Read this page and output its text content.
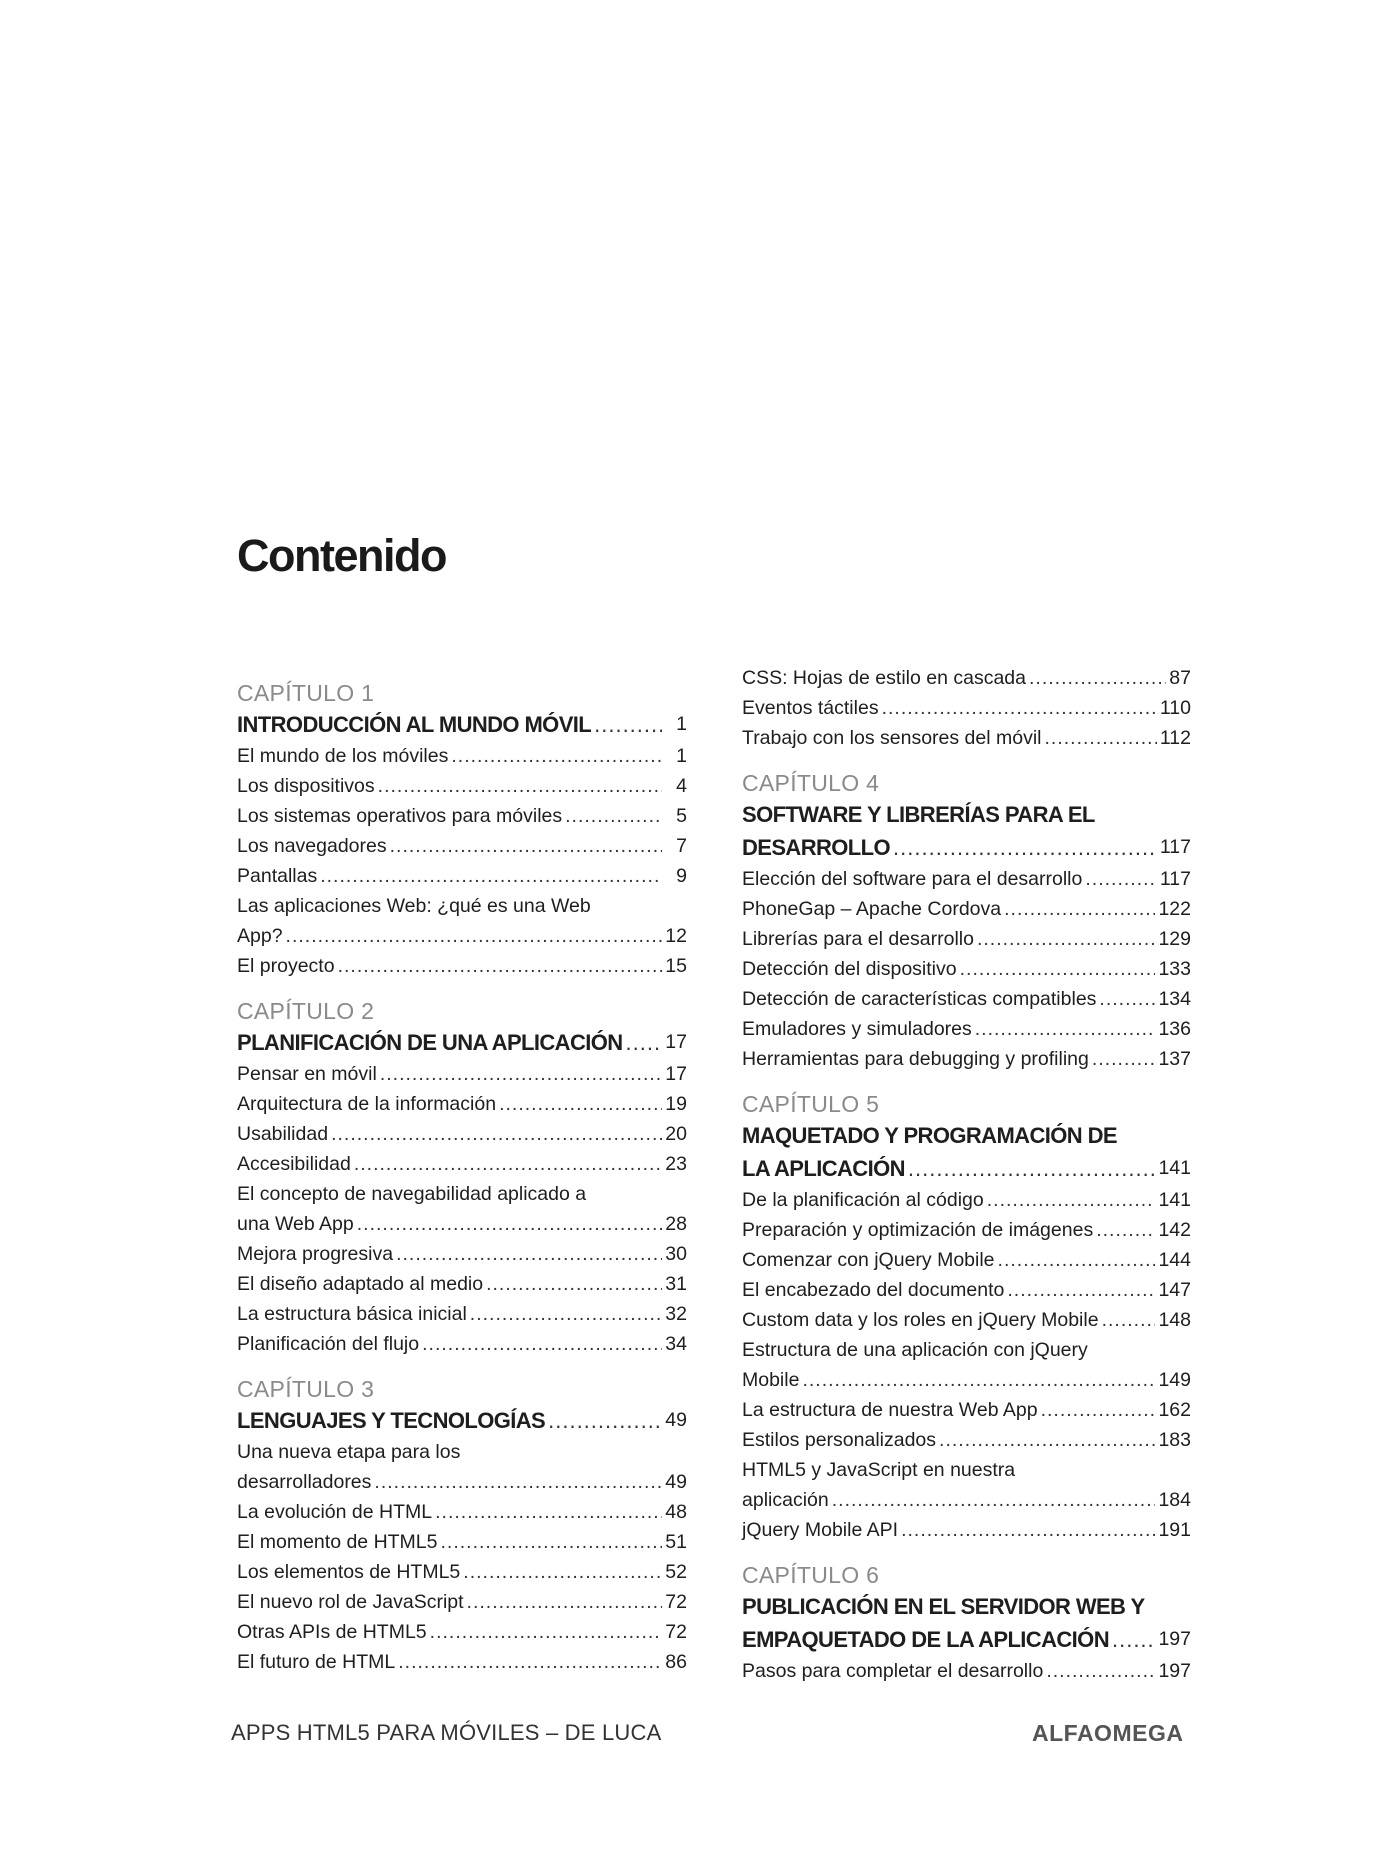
Contenido
CAPÍTULO 1
INTRODUCCIÓN AL MUNDO MÓVIL .....	1
El mundo de los móviles .....	1
Los dispositivos .....	4
Los sistemas operativos para móviles .....	5
Los navegadores .....	7
Pantallas .....	9
Las aplicaciones Web: ¿qué es una Web
App? .....	12
El proyecto .....	15
CAPÍTULO 2
PLANIFICACIÓN DE UNA APLICACIÓN ..... 17
Pensar en móvil .....	17
Arquitectura de la información .....	19
Usabilidad .....	20
Accesibilidad .....	23
El concepto de navegabilidad aplicado a
una Web App .....	28
Mejora progresiva .....	30
El diseño adaptado al medio .....	31
La estructura básica inicial .....	32
Planificación del flujo .....	34
CAPÍTULO 3
LENGUAJES Y TECNOLOGÍAS .....	49
Una nueva etapa para los
desarrolladores .....	49
La evolución de HTML .....	48
El momento de HTML5 .....	51
Los elementos de HTML5 .....	52
El nuevo rol de JavaScript .....	72
Otras APIs de HTML5 .....	72
El futuro de HTML .....	86
CSS: Hojas de estilo en cascada .....	87
Eventos táctiles .....	110
Trabajo con los sensores del móvil .....	112
CAPÍTULO 4
SOFTWARE Y LIBRERÍAS PARA EL
DESARROLLO .....	117
Elección del software para el desarrollo .....	117
PhoneGap – Apache Cordova .....	122
Librerías para el desarrollo .....	129
Detección del dispositivo .....	133
Detección de características compatibles .....	134
Emuladores y simuladores .....	136
Herramientas para debugging y profiling .....	137
CAPÍTULO 5
MAQUETADO Y PROGRAMACIÓN DE
LA APLICACIÓN .....	141
De la planificación al código .....	141
Preparación y optimización de imágenes .....	142
Comenzar con jQuery Mobile .....	144
El encabezado del documento .....	147
Custom data y los roles en jQuery Mobile .....	148
Estructura de una aplicación con jQuery
Mobile .....	149
La estructura de nuestra Web App .....	162
Estilos personalizados .....	183
HTML5 y JavaScript en nuestra
aplicación .....	184
jQuery Mobile API .....	191
CAPÍTULO 6
PUBLICACIÓN EN EL SERVIDOR WEB Y
EMPAQUETADO DE LA APLICACIÓN .....	197
Pasos para completar el desarrollo .....	197
APPS HTML5 PARA MÓVILES – DE LUCA	ALFAOMEGA
